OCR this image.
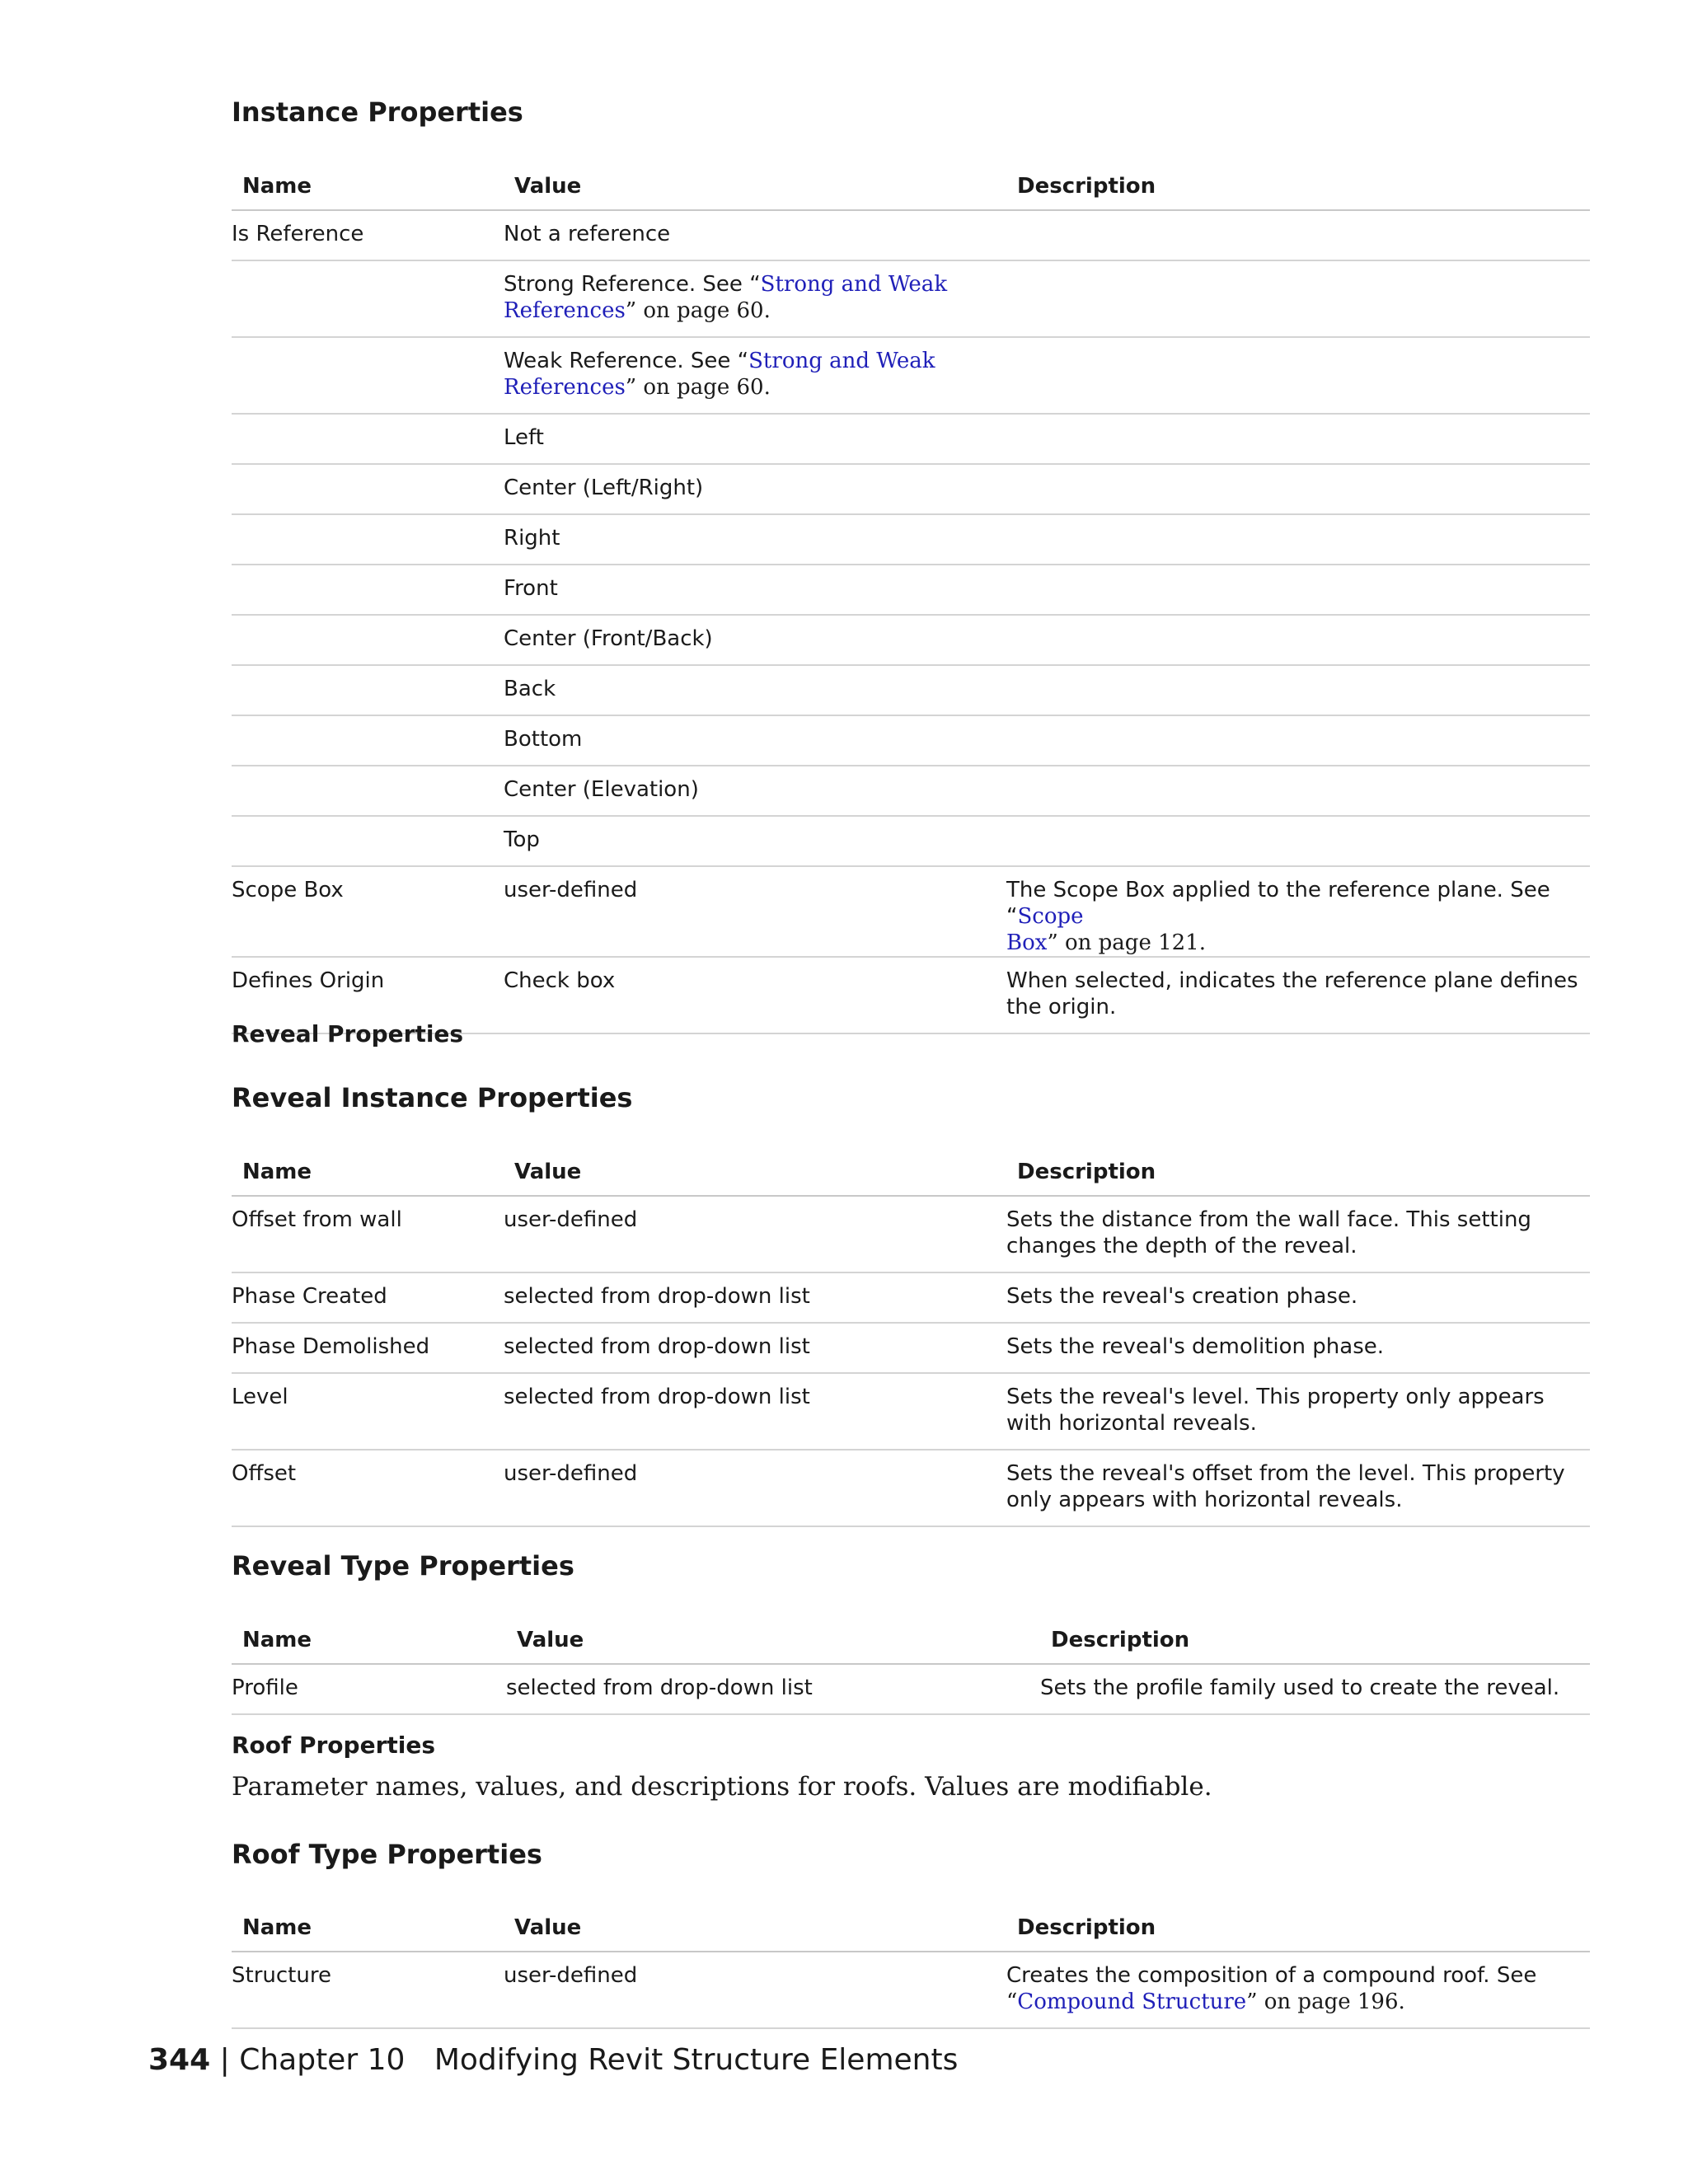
Instance Properties
Name	Value	Description
Is Reference	Not a reference	
	Strong Reference. See “Strong and Weak
References” on page 60.	
	Weak Reference. See “Strong and Weak
References” on page 60.	
	Left	
	Center (Left/Right)	
	Right	
	Front	
	Center (Front/Back)	
	Back	
	Bottom	
	Center (Elevation)	
	Top	
Scope Box	user-defined	The Scope Box applied to the reference plane. See “Scope
Box” on page 121.
Defines Origin	Check box	When selected, indicates the reference plane defines the origin.
Reveal Properties
Reveal Instance Properties
Name	Value	Description
Offset from wall	user-defined	Sets the distance from the wall face. This setting changes the depth of the reveal.
Phase Created	selected from drop-down list	Sets the reveal's creation phase.
Phase Demolished	selected from drop-down list	Sets the reveal's demolition phase.
Level	selected from drop-down list	Sets the reveal's level. This property only appears with horizontal reveals.
Offset	user-defined	Sets the reveal's offset from the level. This property only appears with horizontal reveals.
Reveal Type Properties
Name	Value	Description
Profile	selected from drop-down list	Sets the profile family used to create the reveal.
Roof Properties

Parameter names, values, and descriptions for roofs. Values are modifiable.

Roof Type Properties
Name	Value	Description
Structure	user-defined	Creates the composition of a compound roof. See
“Compound Structure” on page 196.
344 | Chapter 10 Modifying Revit Structure Elements
